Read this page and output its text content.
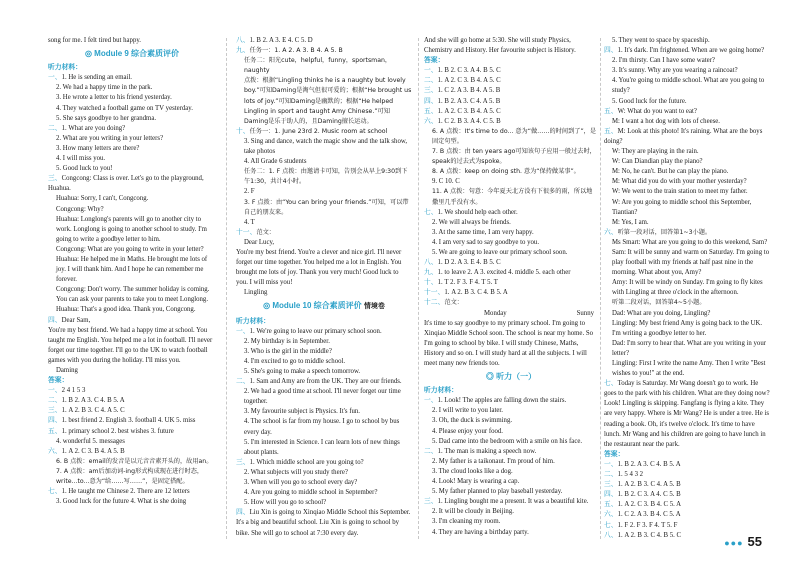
song for me. I felt tired but happy.
◎ Module 9 综合素质评价
听力材料：
一、1. He is sending an email.
2. We had a happy time in the park.
3. He wrote a letter to his friend yesterday.
4. They watched a football game on TV yesterday.
5. She says goodbye to her grandma.
二、1. What are you doing?
2. What are you writing in your letters?
3. How many letters are there?
4. I will miss you.
5. Good luck to you!
三、Congcong: Class is over. Let's go to the playground, Huahua.
Huahua: Sorry, I can't, Congcong.
Congcong: Why?
Huahua: Longlong's parents will go to another city to work. Longlong is going to another school to study. I'm going to write a goodbye letter to him.
Congcong: What are you going to write in your letter?
Huahua: He helped me in Maths. He brought me lots of joy. I will thank him. And I hope he can remember me forever.
Congcong: Don't worry. The summer holiday is coming. You can ask your parents to take you to meet Longlong.
Huahua: That's a good idea. Thank you, Congcong.
四、Dear Sam,
You're my best friend. We had a happy time at school. You taught me English. You helped me a lot in football. I'll never forget our time together. I'll go to the UK to watch football games with you during the holiday. I'll miss you.
Daming
答案：
一、2 4 1 5 3
二、1. B 2. A 3. C 4. B 5. A
三、1. A 2. B 3. C 4. A 5. C
四、1. best friend 2. English 3. football 4. UK 5. miss
五、1. primary school 2. best wishes 3. future
4. wonderful 5. messages
六、1. A 2. C 3. B 4. A 5. B
6. B 点拨：email的发音是以元音音素开头的，故用an。
7. A 点拨：am后加动词-ing形式构成现在进行时态，write...to...意为“给……写……”，是固定搭配。
七、1. He taught me Chinese 2. There are 12 letters
3. Good luck for the future 4. What is she doing
八、1. B 2. A 3. E 4. C 5. D
九、任务一：1. A 2. A 3. B 4. A 5. B
任务二：阳光cute，helpful，funny，sportsman，naughty
点拨：根据“Lingling thinks he is a naughty but lovely boy.”可知Daming是淘气但很可爱的；根据“He brought us lots of joy.”可知Daming是幽默的；根据“He helped Lingling in sport and taught Amy Chinese.”可知Daming是乐于助人的，且Daming擅长运动。
十、任务一：1. June 23rd 2. Music room at school
3. Sing and dance, watch the magic show and the talk show, take photos
4. All Grade 6 students
任务二：1. F 点拨：由邀请卡可知，告别会从早上9:30到下午1:30，共计4小时。
2. F
3. F 点拨：由“You can bring your friends.”可知，可以带自己的朋友来。
4. T
十一、范文：
Dear Lucy,
You're my best friend. You're a clever and nice girl. I'll never forget our time together. You helped me a lot in English. You brought me lots of joy. Thank you very much! Good luck to you. I will miss you!
Lingling
◎ Module 10 综合素质评价 情境卷
听力材料：
一、1. We're going to leave our primary school soon.
2. My birthday is in September.
3. Who is the girl in the middle?
4. I'm excited to go to middle school.
5. She's going to make a speech tomorrow.
二、1. Sam and Amy are from the UK. They are our friends.
2. We had a good time at school. I'll never forget our time together.
3. My favourite subject is Physics. It's fun.
4. The school is far from my house. I go to school by bus every day.
5. I'm interested in Science. I can learn lots of new things about plants.
三、1. Which middle school are you going to?
2. What subjects will you study there?
3. When will you go to school every day?
4. Are you going to middle school in September?
5. How will you go to school?
四、Liu Xin is going to Xinqiao Middle School this September. It's a big and beautiful school. Liu Xin is going to school by bike. She will go to school at 7:30 every day.
And she will go home at 5:30. She will study Physics, Chemistry and History. Her favourite subject is History.
答案：
一、1. B 2. C 3. A 4. B 5. C
二、1. A 2. C 3. B 4. A 5. C
三、1. C 2. A 3. B 4. A 5. B
四、1. B 2. A 3. C 4. A 5. B
五、1. A 2. C 3. B 4. A 5. C
六、1. C 2. B 3. A 4. C 5. B
6. A 点拨：It's time to do... 意为“做……的时间到了”，是固定句型。
7. B 点拨：由 ten years ago可知该句子应用一般过去时，speak的过去式为spoke。
8. A 点拨：keep on doing sth. 意为“保持做某事”。
9. C 10. C
11. A 点拨：句意：今年夏天北方没有下很多的雨，所以地撒里几乎没有水。
七、1. We should help each other.
2. We will always be friends.
3. At the same time, I am very happy.
4. I am very sad to say goodbye to you.
5. We are going to leave our primary school soon.
八、1. D 2. A 3. E 4. B 5. C
九、1. to leave 2. A 3. excited 4. middle 5. each other
十、1. T 2. F 3. F 4. T 5. T
十一、1. A 2. B 3. C 4. B 5. A
十二、范文：
Monday	Sunny
It's time to say goodbye to my primary school. I'm going to Xinqiao Middle School soon. The school is near my home. So I'm going to school by bike. I will study Chinese, Maths, History and so on. I will study hard at all the subjects. I will meet many new friends too.
◎ 听力（一）
听力材料：
一、1. Look! The apples are falling down the stairs.
2. I will write to you later.
3. Oh, the duck is swimming.
4. Please enjoy your food.
5. Dad came into the bedroom with a smile on his face.
二、1. The man is making a speech now.
2. My father is a taikonaut. I'm proud of him.
3. The cloud looks like a dog.
4. Look! Mary is wearing a cap.
5. My father planned to play baseball yesterday.
三、1. Lingling bought me a present. It was a beautiful kite.
2. It will be cloudy in Beijing.
3. I'm cleaning my room.
4. They are having a birthday party.
5. They went to space by spaceship.
四、1. It's dark. I'm frightened. When are we going home?
2. I'm thirsty. Can I have some water?
3. It's sunny. Why are you wearing a raincoat?
4. You're going to middle school. What are you going to study?
5. Good luck for the future.
五、W: What do you want to eat?
M: I want a hot dog with lots of cheese.
五、M: Look at this photo! It's raining. What are the boys doing?
W: They are playing in the rain.
W: Can Diandian play the piano?
M: No, he can't. But he can play the piano.
M: What did you do with your mother yesterday?
W: We went to the train station to meet my father.
W: Are you going to middle school this September, Tiantian?
M: Yes, I am.
六、听第一段对话，回答第1~3小题。
Ms Smart: What are you going to do this weekend, Sam?
Sam: It will be sunny and warm on Saturday. I'm going to play football with my friends at half past nine in the morning. What about you, Amy?
Amy: It will be windy on Sunday. I'm going to fly kites with Lingling at three o'clock in the afternoon.
听第二段对话，回答第4~5小题。
Dad: What are you doing, Lingling?
Lingling: My best friend Amy is going back to the UK. I'm writing a goodbye letter to her.
Dad: I'm sorry to hear that. What are you writing in your letter?
Lingling: First I write the name Amy. Then I write "Best wishes to you!" at the end.
七、Today is Saturday. Mr Wang doesn't go to work. He goes to the park with his children. What are they doing now? Look! Lingling is skipping. Fangfang is flying a kite. They are very happy. Where is Mr Wang? He is under a tree. He is reading a book. Oh, it's twelve o'clock. It's time to have lunch. Mr Wang and his children are going to have lunch in the restaurant near the park.
答案：
一、1. B 2. A 3. C 4. B 5. A
二、1. 5 4 3 2
三、1. A 2. B 3. C 4. A 5. B
四、1. B 2. C 3. A 4. C 5. B
五、1. A 2. C 3. B 4. C 5. A
六、1. C 2. A 3. B 4. C 5. A
七、1. F 2. F 3. F 4. T 5. F
八、1. A 2. B 3. C 4. B 5. C
●●● 55
